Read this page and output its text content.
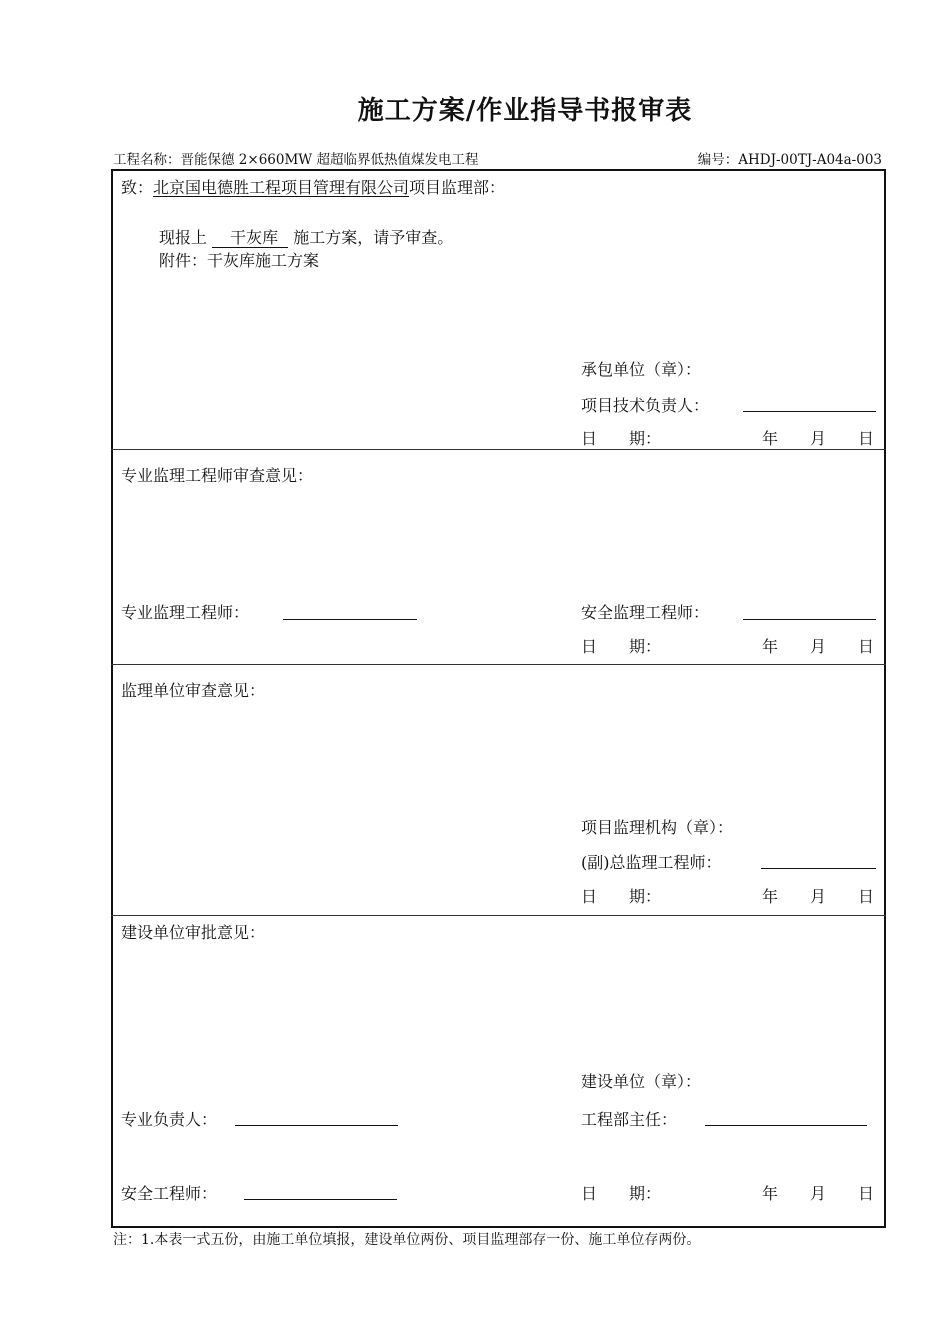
施工方案/作业指导书报审表
工程名称：晋能保德 2×660MW 超超临界低热值煤发电工程	编号：AHDJ-00TJ-A04a-003
致：北京国电德胜工程项目管理有限公司项目监理部：
现报上 干灰库 施工方案，请予审查。
附件：干灰库施工方案
承包单位（章）：
项目技术负责人：
日　　期：	年 月 日
专业监理工程师审查意见：
专业监理工程师：	安全监理工程师：
日　　期：	年 月 日
监理单位审查意见：
项目监理机构（章）：
(副)总监理工程师：
日　　期：	年 月 日
建设单位审批意见：
建设单位（章）：
专业负责人：	工程部主任：
安全工程师：	日　　期：	年 月 日
注：1.本表一式五份，由施工单位填报，建设单位两份、项目监理部存一份、施工单位存两份。
